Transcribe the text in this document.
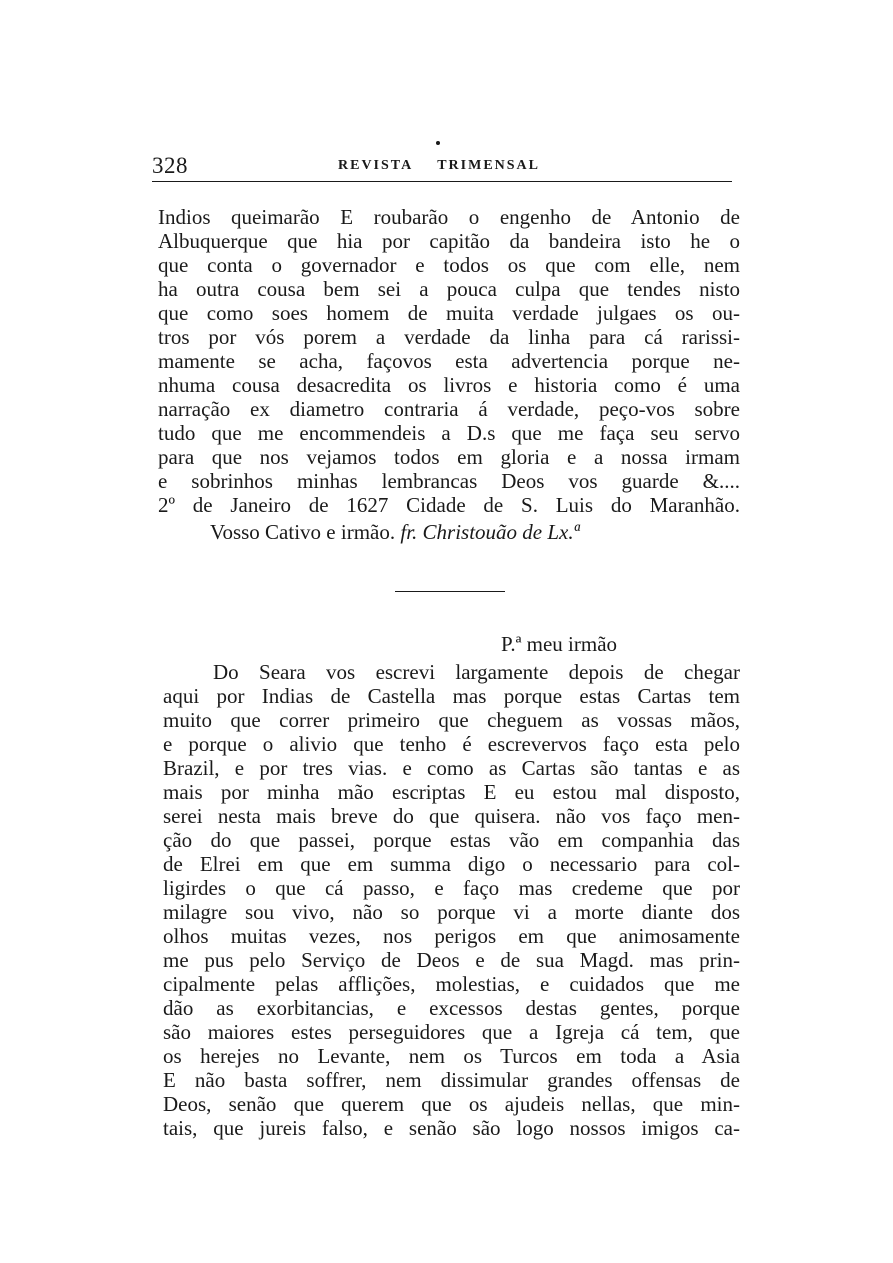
328	REVISTA TRIMENSAL
Indios queimarão E roubarão o engenho de Antonio de
Albuquerque que hia por capitão da bandeira isto he o
que conta o governador e todos os que com elle, nem
ha outra cousa bem sei a pouca culpa que tendes nisto
que como soes homem de muita verdade julgaes os ou-
tros por vós porem a verdade da linha para cá rarissi-
mamente se acha, façovos esta advertencia porque ne-
nhuma cousa desacredita os livros e historia como é uma
narração ex diametro contraria á verdade, peço-vos sobre
tudo que me encommendeis a D.s que me faça seu servo
para que nos vejamos todos em gloria e a nossa irmam
e sobrinhos minhas lembrancas Deos vos guarde &....
2º de Janeiro de 1627 Cidade de S. Luis do Maranhão.
Vosso Cativo e irmão. fr. Christouão de Lx.ª
P.ª meu irmão
Do Seara vos escrevi largamente depois de chegar
aqui por Indias de Castella mas porque estas Cartas tem
muito que correr primeiro que cheguem as vossas mãos,
e porque o alivio que tenho é escrevervos faço esta pelo
Brazil, e por tres vias. e como as Cartas são tantas e as
mais por minha mão escriptas E eu estou mal disposto,
serei nesta mais breve do que quisera. não vos faço men-
ção do que passei, porque estas vão em companhia das
de Elrei em que em summa digo o necessario para col-
ligirdes o que cá passo, e faço mas credeme que por
milagre sou vivo, não so porque vi a morte diante dos
olhos muitas vezes, nos perigos em que animosamente
me pus pelo Serviço de Deos e de sua Magd. mas prin-
cipalmente pelas afflições, molestias, e cuidados que me
dão as exorbitancias, e excessos destas gentes, porque
são maiores estes perseguidores que a Igreja cá tem, que
os herejes no Levante, nem os Turcos em toda a Asia
E não basta soffrer, nem dissimular grandes offensas de
Deos, senão que querem que os ajudeis nellas, que min-
tais, que jureis falso, e senão são logo nossos imigos ca-
